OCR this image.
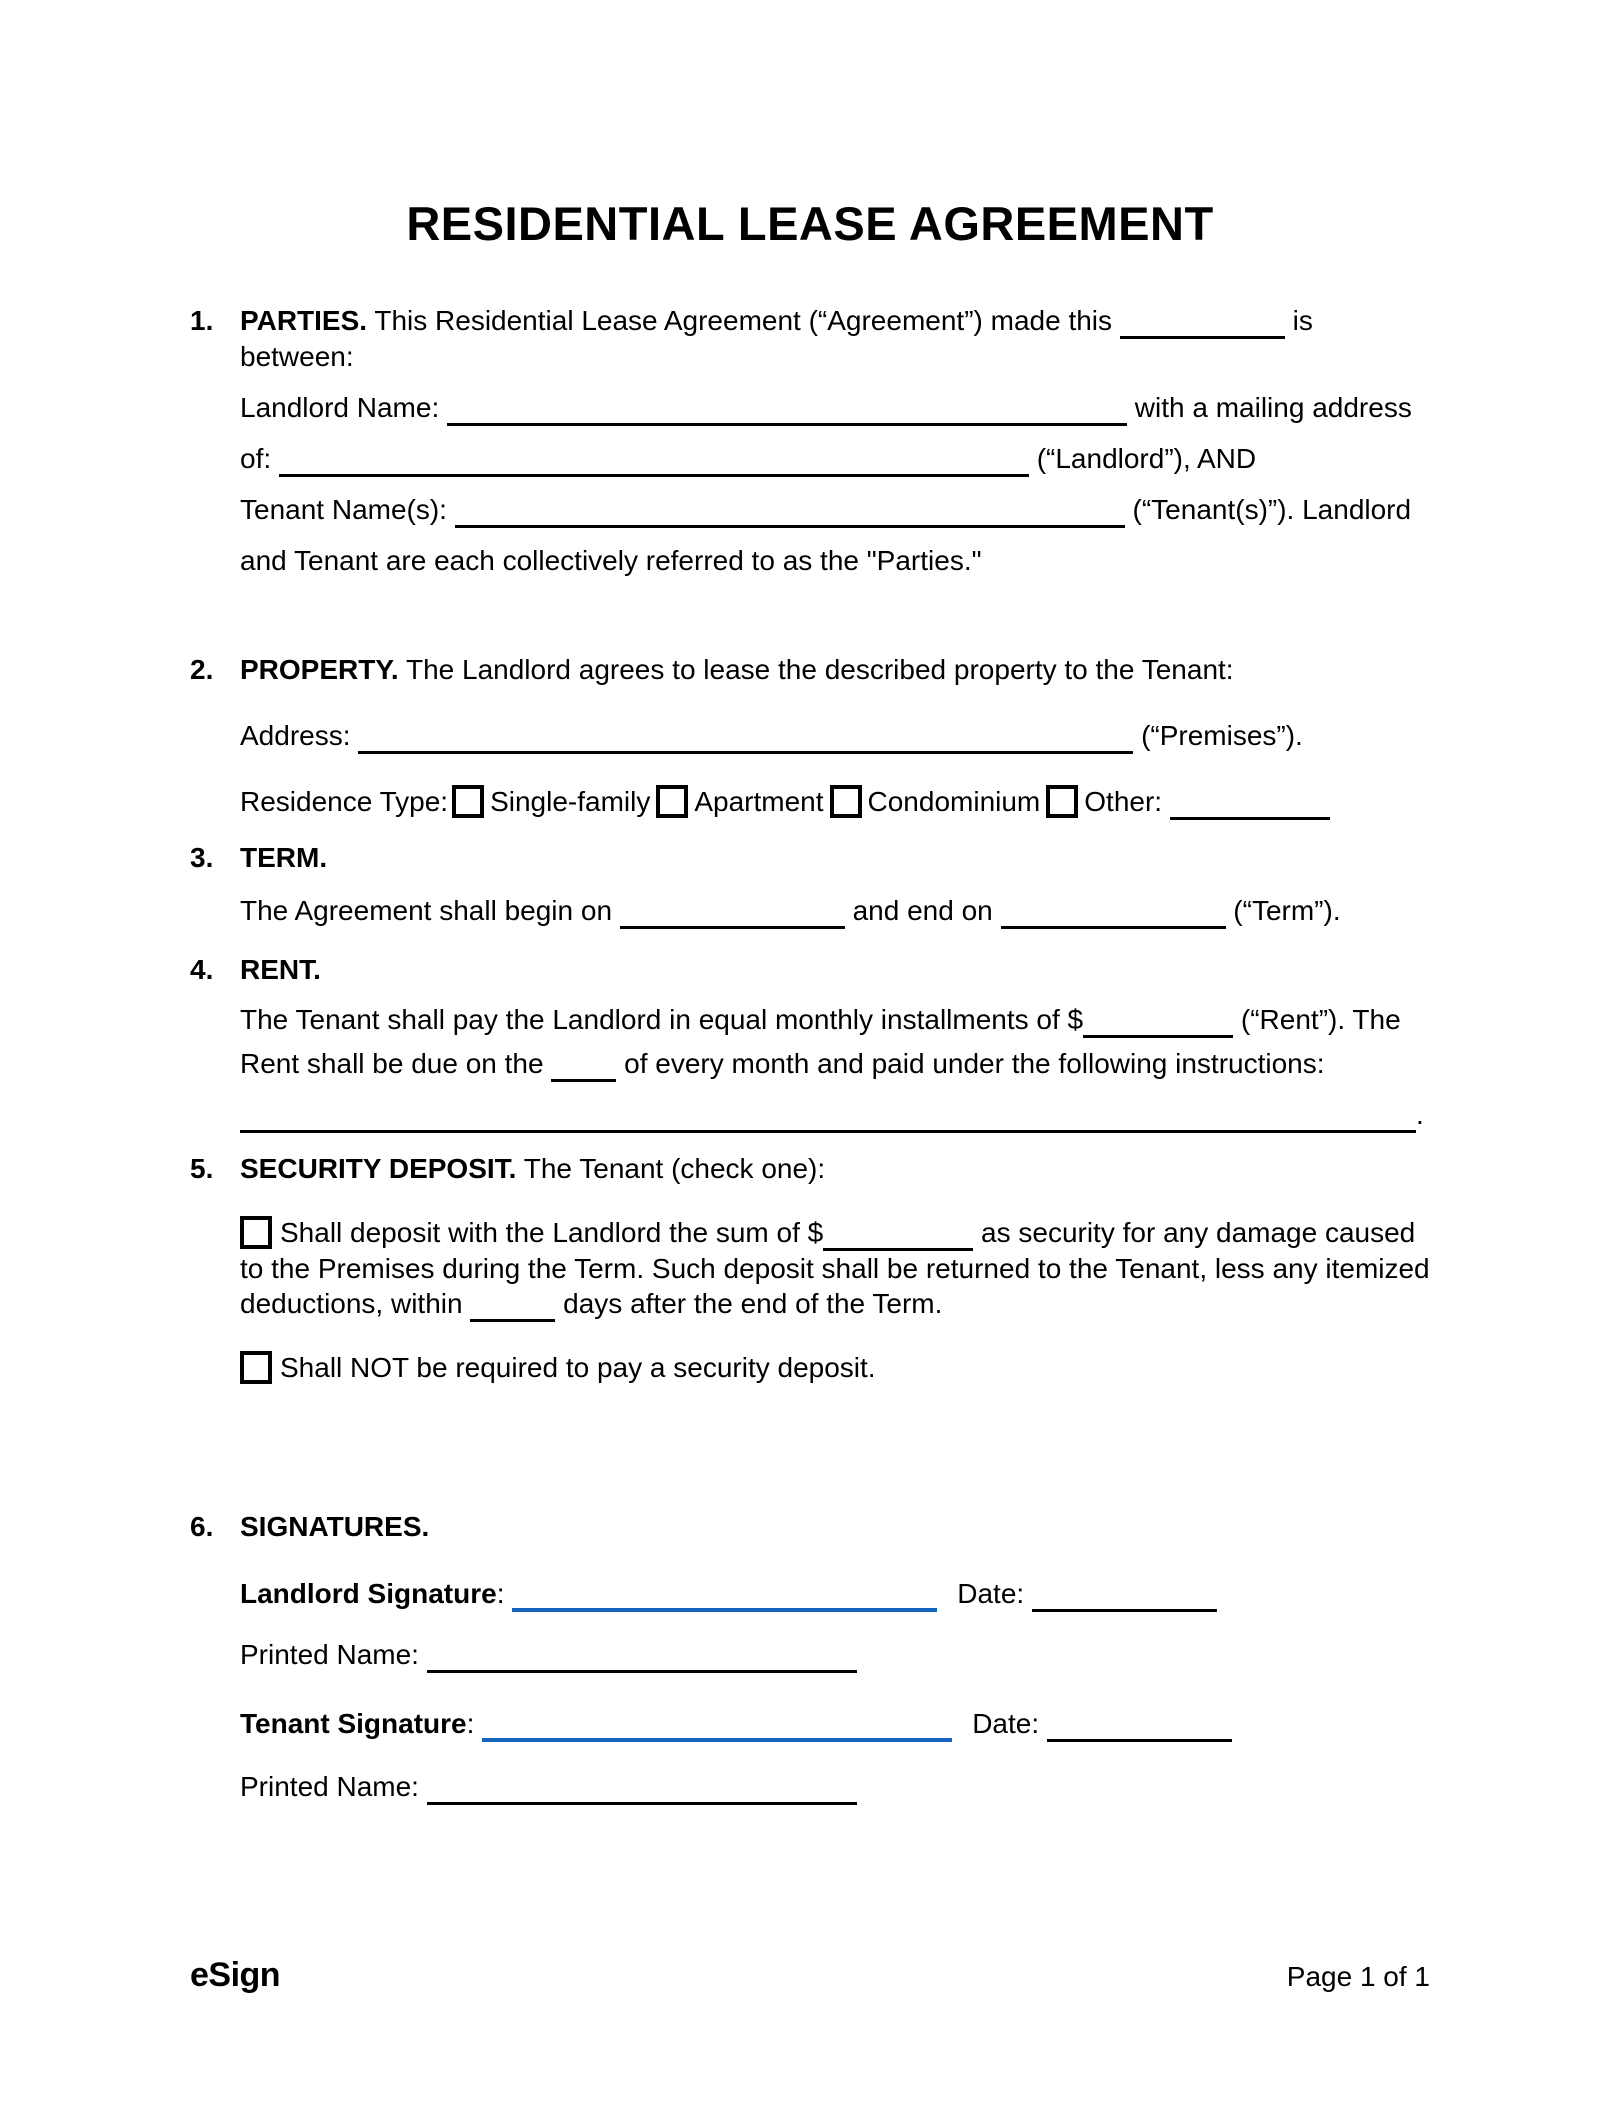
RESIDENTIAL LEASE AGREEMENT
1. PARTIES. This Residential Lease Agreement (“Agreement”) made this	is between:
Landlord Name:	with a mailing address
of:	(“Landlord”), AND
Tenant Name(s):	(“Tenant(s)”). Landlord
and Tenant are each collectively referred to as the "Parties."
2. PROPERTY. The Landlord agrees to lease the described property to the Tenant:
Address:	(“Premises”).
Residence Type: Single-family Apartment Condominium Other:
3. TERM.
The Agreement shall begin on	and end on	(“Term”).
4. RENT.
The Tenant shall pay the Landlord in equal monthly installments of $	(“Rent”). The
Rent shall be due on the	of every month and paid under the following instructions:
.
5. SECURITY DEPOSIT. The Tenant (check one):
Shall deposit with the Landlord the sum of $	as security for any damage caused
to the Premises during the Term. Such deposit shall be returned to the Tenant, less any itemized
deductions, within	days after the end of the Term.
Shall NOT be required to pay a security deposit.
6. SIGNATURES.
Landlord Signature:	Date:
Printed Name:
Tenant Signature:	Date:
Printed Name:
eSign	Page 1 of 1
